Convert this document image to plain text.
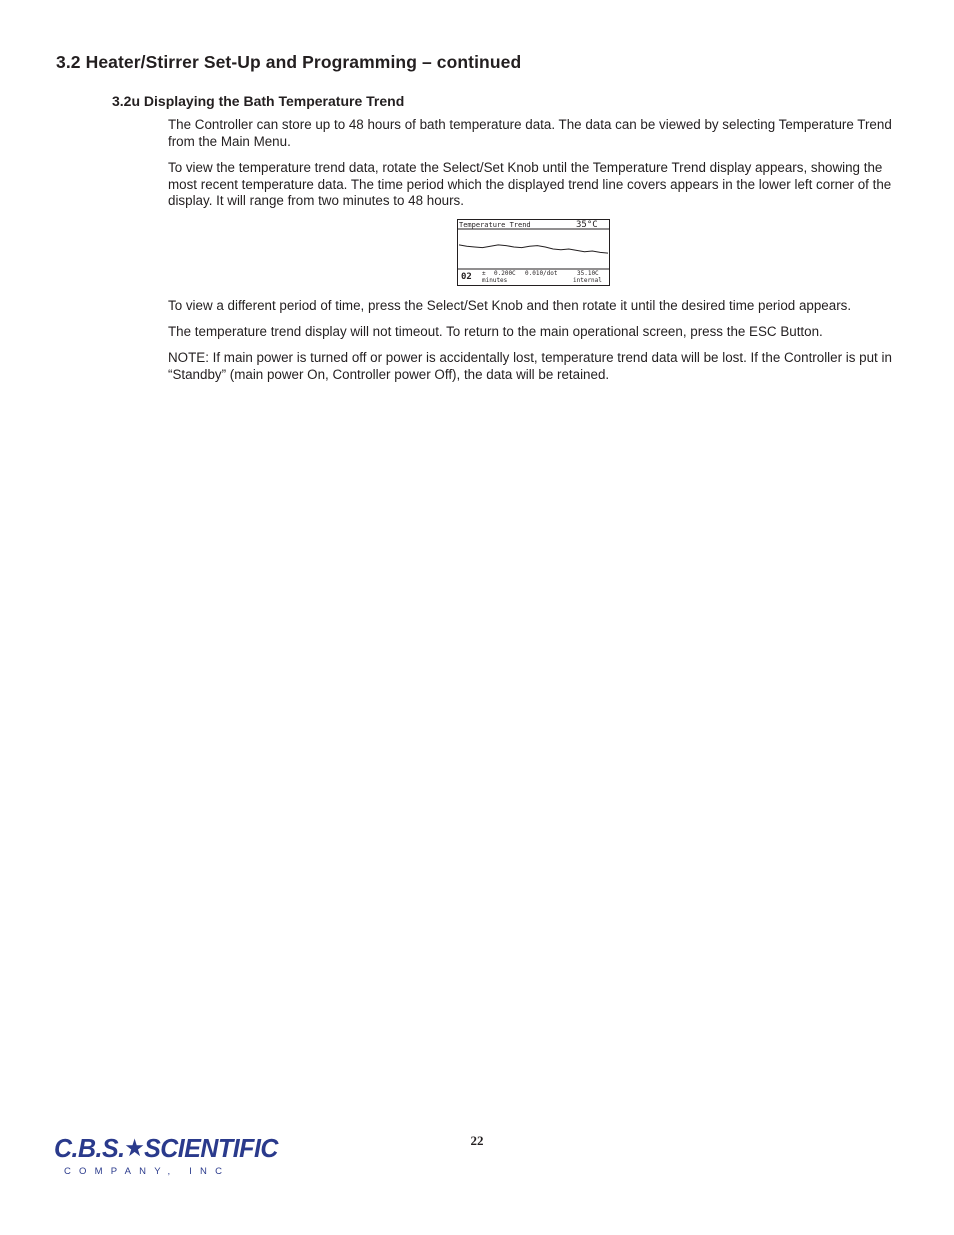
3.2 Heater/Stirrer Set-Up and Programming – continued
3.2u Displaying the Bath Temperature Trend

The Controller can store up to 48 hours of bath temperature data. The data can be viewed by selecting Temperature Trend from the Main Menu.

To view the temperature trend data, rotate the Select/Set Knob until the Temperature Trend display appears, showing the most recent temperature data. The time period which the displayed trend line covers appears in the lower left corner of the display. It will range from two minutes to 48 hours.

Temperature Trend	35°C
02 ± 0.200C
minutes
0.010/dot	35.10C
internal

To view a different period of time, press the Select/Set Knob and then rotate it until the desired time period appears.

The temperature trend display will not timeout. To return to the main operational screen, press the ESC Button.

NOTE: If main power is turned off or power is accidentally lost, temperature trend data will be lost. If the Controller is put in “Standby” (main power On, Controller power Off), the data will be retained.

22
C.B.S.★SCIENTIFIC
COMPANY, INC
